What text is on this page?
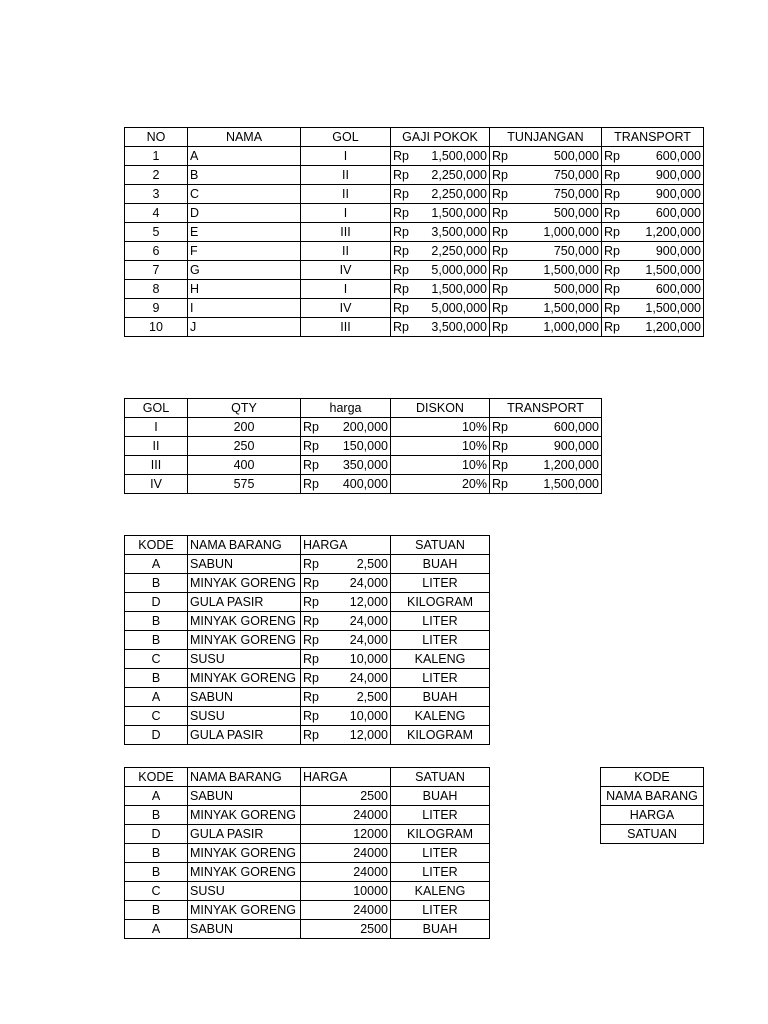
NO	NAMA	GOL	GAJI POKOK	TUNJANGAN	TRANSPORT
1	A	I	Rp 1,500,000	Rp 500,000	Rp 600,000

2	B	II	Rp 2,250,000	Rp 750,000	Rp 900,000

3	C	II	Rp 2,250,000	Rp 750,000	Rp 900,000

4	D	I	Rp 1,500,000	Rp 500,000	Rp 600,000

5	E	III	Rp 3,500,000	Rp 1,000,000	Rp 1,200,000

6	F	II	Rp 2,250,000	Rp 750,000	Rp 900,000

7	G	IV	Rp 5,000,000	Rp 1,500,000	Rp 1,500,000

8	H	I	Rp 1,500,000	Rp 500,000	Rp 600,000

9	I	IV	Rp 5,000,000	Rp 1,500,000	Rp 1,500,000

10	J	III	Rp 3,500,000	Rp 1,000,000	Rp 1,200,000
GOL	QTY	harga	DISKON	TRANSPORT
I	200	Rp 200,000	10%	Rp 600,000

II	250	Rp 150,000	10%	Rp 900,000

III	400	Rp 350,000	10%	Rp 1,200,000

IV	575	Rp 400,000	20%	Rp 1,500,000
KODE	NAMA BARANG	HARGA	SATUAN
A	SABUN	Rp 2,500	BUAH
B	MINYAK GORENG	Rp 24,000	LITER
D	GULA PASIR	Rp 12,000	KILOGRAM
B	MINYAK GORENG	Rp 24,000	LITER
B	MINYAK GORENG	Rp 24,000	LITER
C	SUSU	Rp 10,000	KALENG
B	MINYAK GORENG	Rp 24,000	LITER
A	SABUN	Rp 2,500	BUAH
C	SUSU	Rp 10,000	KALENG
D	GULA PASIR	Rp 12,000	KILOGRAM
KODE	NAMA BARANG	HARGA	SATUAN
A	SABUN	2500	BUAH
B	MINYAK GORENG	24000	LITER
D	GULA PASIR	12000	KILOGRAM
B	MINYAK GORENG	24000	LITER
B	MINYAK GORENG	24000	LITER
C	SUSU	10000	KALENG
B	MINYAK GORENG	24000	LITER
A	SABUN	2500	BUAH
KODE
NAMA BARANG
HARGA
SATUAN
